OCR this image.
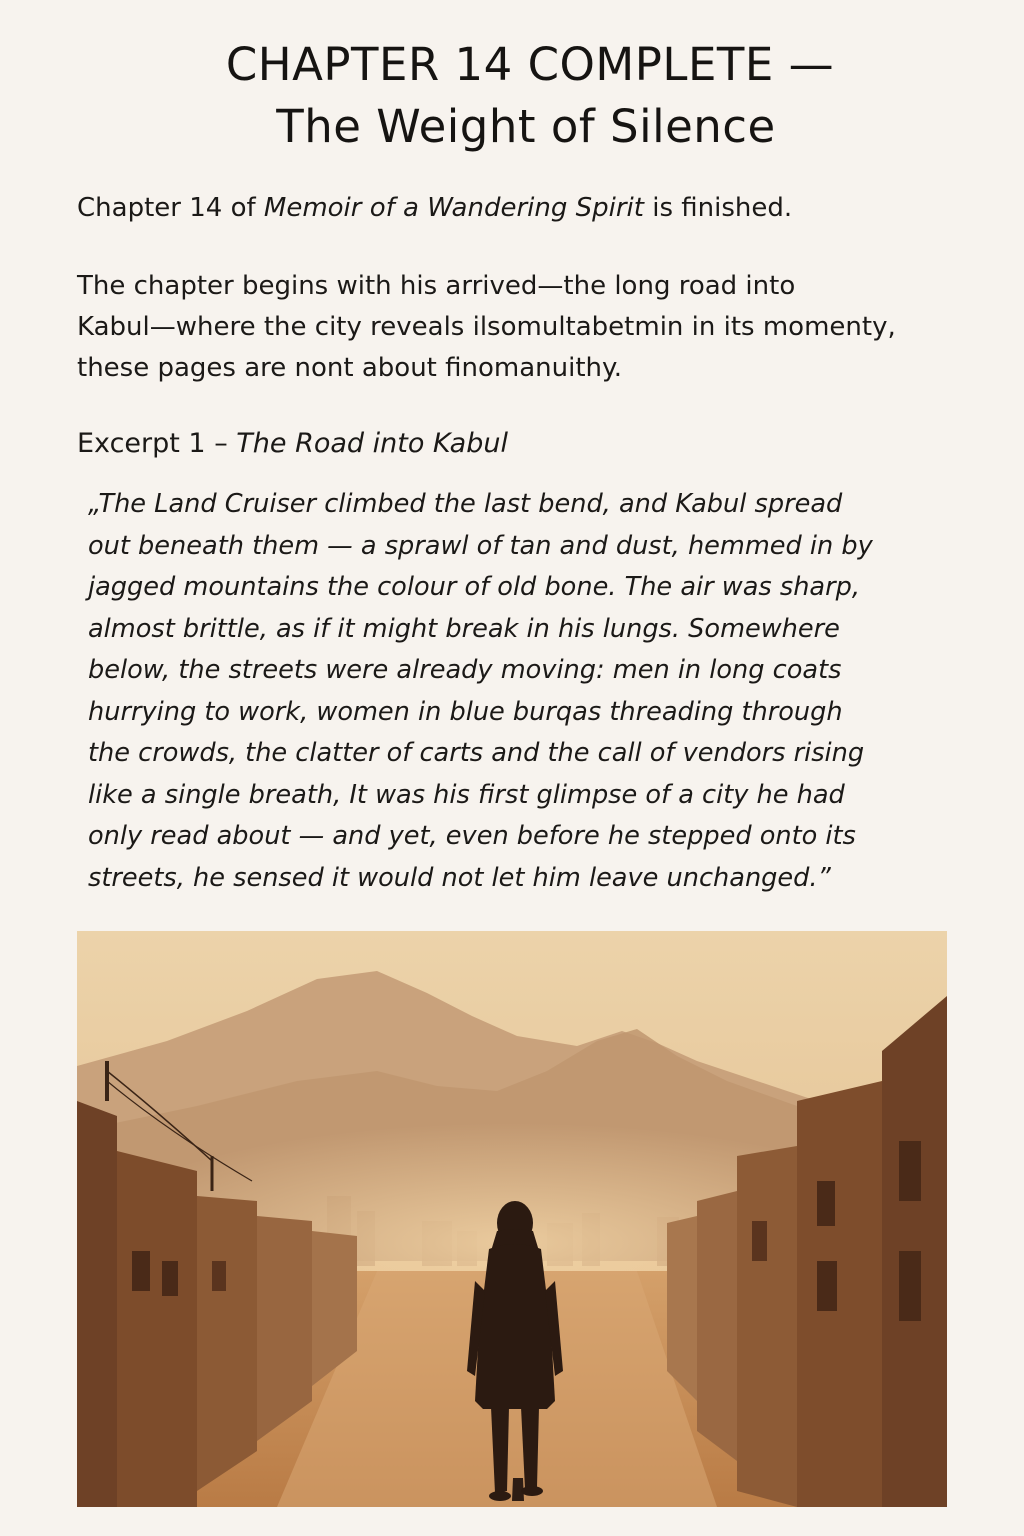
CHAPTER 14 COMPLETE —
The Weight of Silence

Chapter 14 of Memoir of a Wandering Spirit is finished.

The chapter begins with his arrived—the long road into
Kabul—where the city reveals ilsomultabetmin in its momenty,
these pages are nont about finomanuithy.

Excerpt 1 – The Road into Kabul

„The Land Cruiser climbed the last bend, and Kabul spread
out beneath them — a sprawl of tan and dust, hemmed in by
jagged mountains the colour of old bone. The air was sharp,
almost brittle, as if it might break in his lungs. Somewhere
below, the streets were already moving: men in long coats
hurrying to work, women in blue burqas threading through
the crowds, the clatter of carts and the call of vendors rising
like a single breath, It was his first glimpse of a city he had
only read about — and yet, even before he stepped onto its
streets, he sensed it would not let him leave unchanged.”
